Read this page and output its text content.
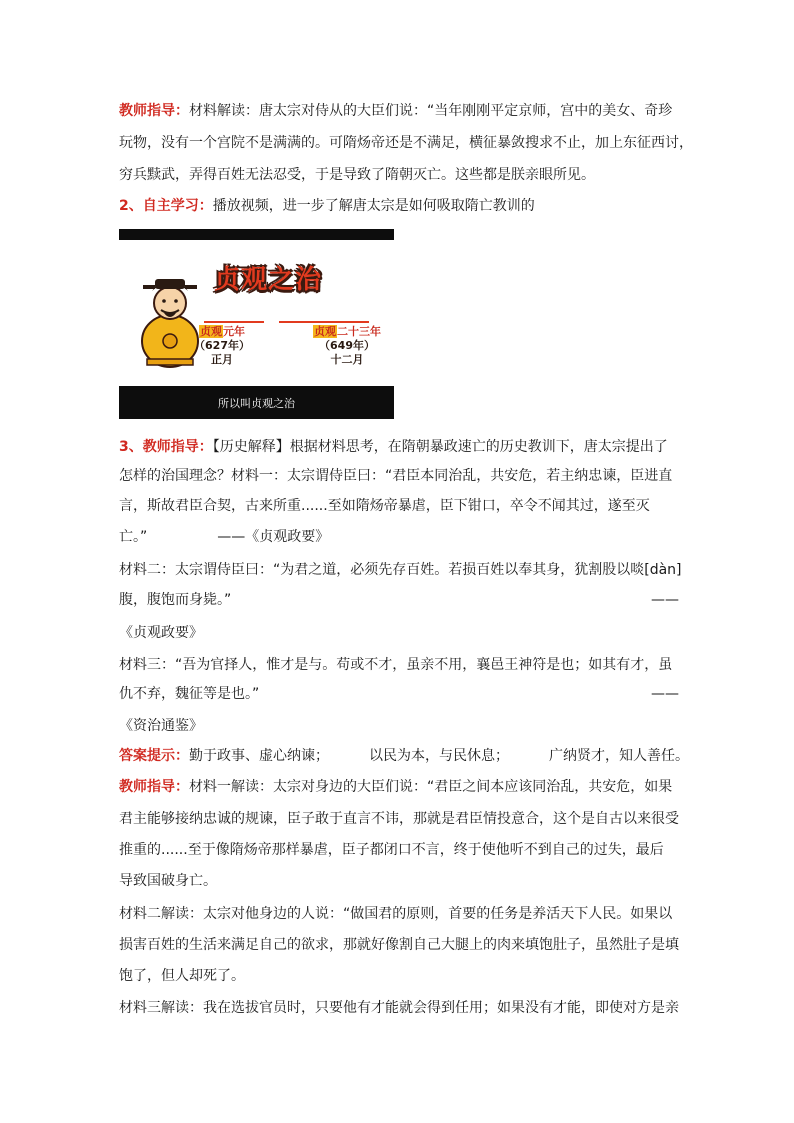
教师指导：材料解读：唐太宗对侍从的大臣们说：“当年刚刚平定京师，宫中的美女、奇珍
玩物，没有一个宫院不是满满的。可隋炀帝还是不满足，横征暴敛搜求不止，加上东征西讨，
穷兵黩武，弄得百姓无法忍受，于是导致了隋朝灭亡。这些都是朕亲眼所见。
2、自主学习：播放视频，进一步了解唐太宗是如何吸取隋亡教训的
贞观之治
贞观元年
（627年）
正月
贞观二十三年
（649年）
十二月
所以叫贞观之治
3、教师指导：【历史解释】根据材料思考，在隋朝暴政速亡的历史教训下，唐太宗提出了
怎样的治国理念？材料一：太宗谓侍臣曰：“君臣本同治乱，共安危，若主纳忠谏，臣进直
言，斯故君臣合契，古来所重......至如隋炀帝暴虐，臣下钳口，卒令不闻其过，遂至灭
亡。”	——《贞观政要》
材料二：太宗谓侍臣曰：“为君之道，必须先存百姓。若损百姓以奉其身，犹割股以啖[dàn]
腹，腹饱而身毙。”	——
《贞观政要》
材料三：“吾为官择人，惟才是与。苟或不才，虽亲不用，襄邑王神符是也；如其有才，虽
仇不弃，魏征等是也。”	——
《资治通鉴》
答案提示：勤于政事、虚心纳谏；	以民为本，与民休息；	广纳贤才，知人善任。
教师指导：材料一解读：太宗对身边的大臣们说：“君臣之间本应该同治乱，共安危，如果
君主能够接纳忠诚的规谏，臣子敢于直言不讳，那就是君臣情投意合，这个是自古以来很受
推重的......至于像隋炀帝那样暴虐，臣子都闭口不言，终于使他听不到自己的过失，最后
导致国破身亡。
材料二解读：太宗对他身边的人说：“做国君的原则，首要的任务是养活天下人民。如果以
损害百姓的生活来满足自己的欲求，那就好像割自己大腿上的肉来填饱肚子，虽然肚子是填
饱了，但人却死了。
材料三解读：我在选拔官员时，只要他有才能就会得到任用；如果没有才能，即使对方是亲
